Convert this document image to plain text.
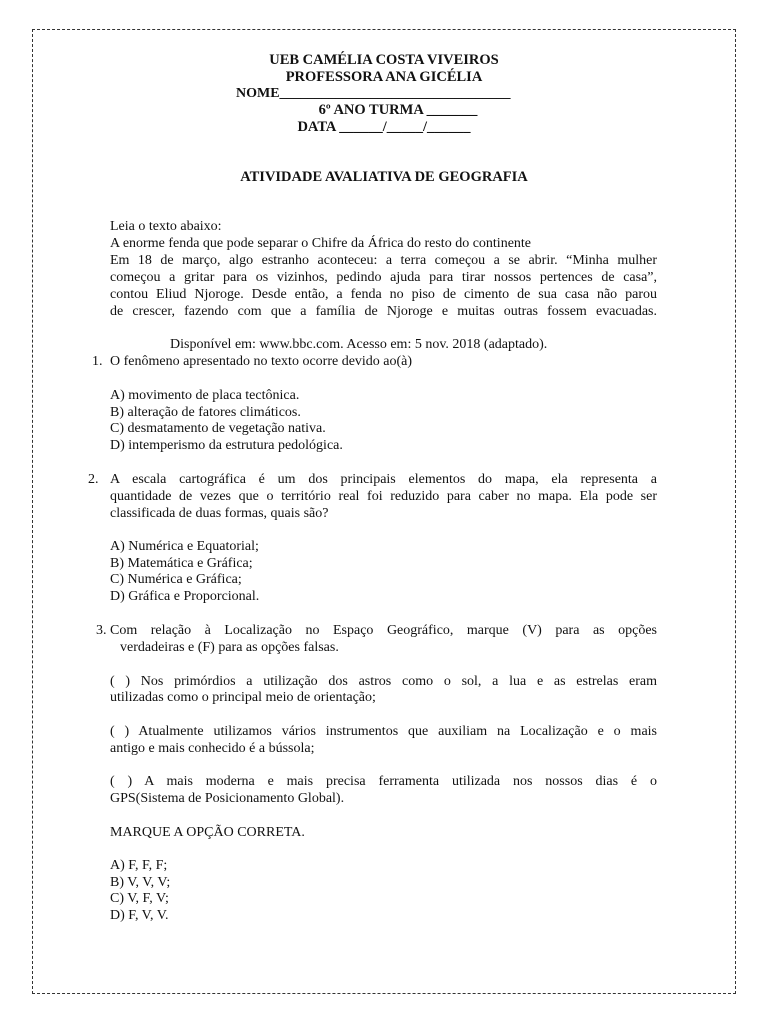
UEB CAMÉLIA COSTA VIVEIROS
PROFESSORA ANA GICÉLIA
NOME_________________________________
6º ANO TURMA _______
DATA ______/_____/______
ATIVIDADE AVALIATIVA DE GEOGRAFIA
Leia o texto abaixo:
A enorme fenda que pode separar o Chifre da África do resto do continente
Em 18 de março, algo estranho aconteceu: a terra começou a se abrir. “Minha mulher
começou a gritar para os vizinhos, pedindo ajuda para tirar nossos pertences de casa”,
contou Eliud Njoroge. Desde então, a fenda no piso de cimento de sua casa não parou
de crescer, fazendo com que a família de Njoroge e muitas outras fossem evacuadas.
Disponível em: www.bbc.com. Acesso em: 5 nov. 2018 (adaptado).
1. O fenômeno apresentado no texto ocorre devido ao(à)
A) movimento de placa tectônica.
B) alteração de fatores climáticos.
C) desmatamento de vegetação nativa.
D) intemperismo da estrutura pedológica.
2. A escala cartográfica é um dos principais elementos do mapa, ela representa a
quantidade de vezes que o território real foi reduzido para caber no mapa. Ela pode ser
classificada de duas formas, quais são?
A) Numérica e Equatorial;
B) Matemática e Gráfica;
C) Numérica e Gráfica;
D) Gráfica e Proporcional.
3. Com relação à Localização no Espaço Geográfico, marque (V) para as opções
verdadeiras e (F) para as opções falsas.
( ) Nos primórdios a utilização dos astros como o sol, a lua e as estrelas eram
utilizadas como o principal meio de orientação;
( ) Atualmente utilizamos vários instrumentos que auxiliam na Localização e o mais
antigo e mais conhecido é a bússola;
( ) A mais moderna e mais precisa ferramenta utilizada nos nossos dias é o
GPS(Sistema de Posicionamento Global).
MARQUE A OPÇÃO CORRETA.
A) F, F, F;
B) V, V, V;
C) V, F, V;
D) F, V, V.
